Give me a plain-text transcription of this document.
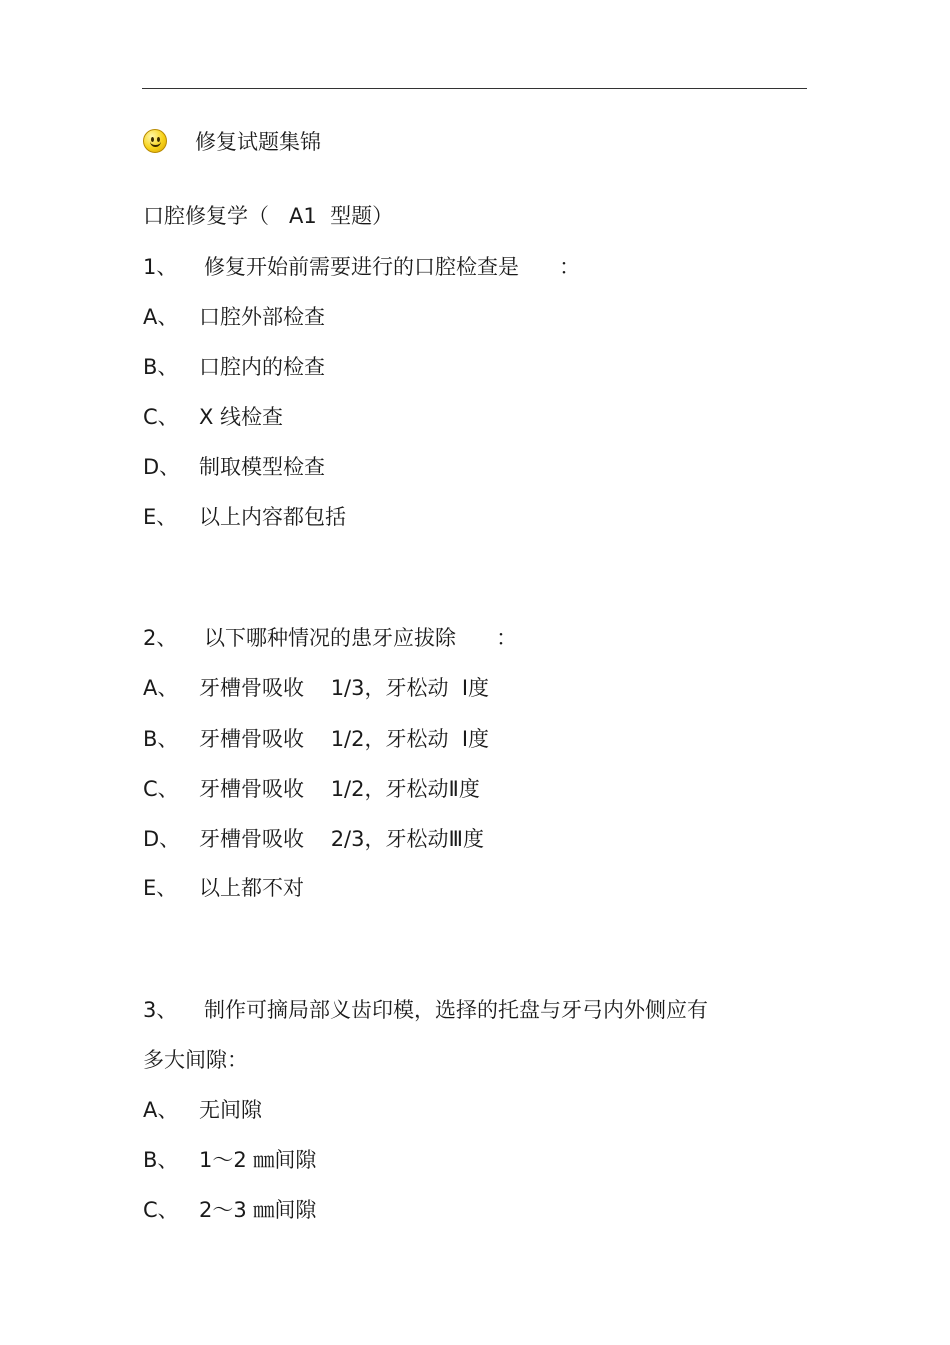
修复试题集锦
口腔修复学（   A1  型题）
1、    修复开始前需要进行的口腔检查是      ：
A、 口腔外部检查
B、 口腔内的检查
C、 X 线检查
D、 制取模型检查
E、 以上内容都包括
2、    以下哪种情况的患牙应拔除      ：
A、 牙槽骨吸收    1/3，牙松动  Ⅰ度
B、 牙槽骨吸收    1/2，牙松动  Ⅰ度
C、 牙槽骨吸收    1/2，牙松动Ⅱ度
D、 牙槽骨吸收    2/3，牙松动Ⅲ度
E、 以上都不对
3、    制作可摘局部义齿印模，选择的托盘与牙弓内外侧应有
多大间隙：
A、 无间隙
B、 1～2 ㎜间隙
C、 2～3 ㎜间隙
